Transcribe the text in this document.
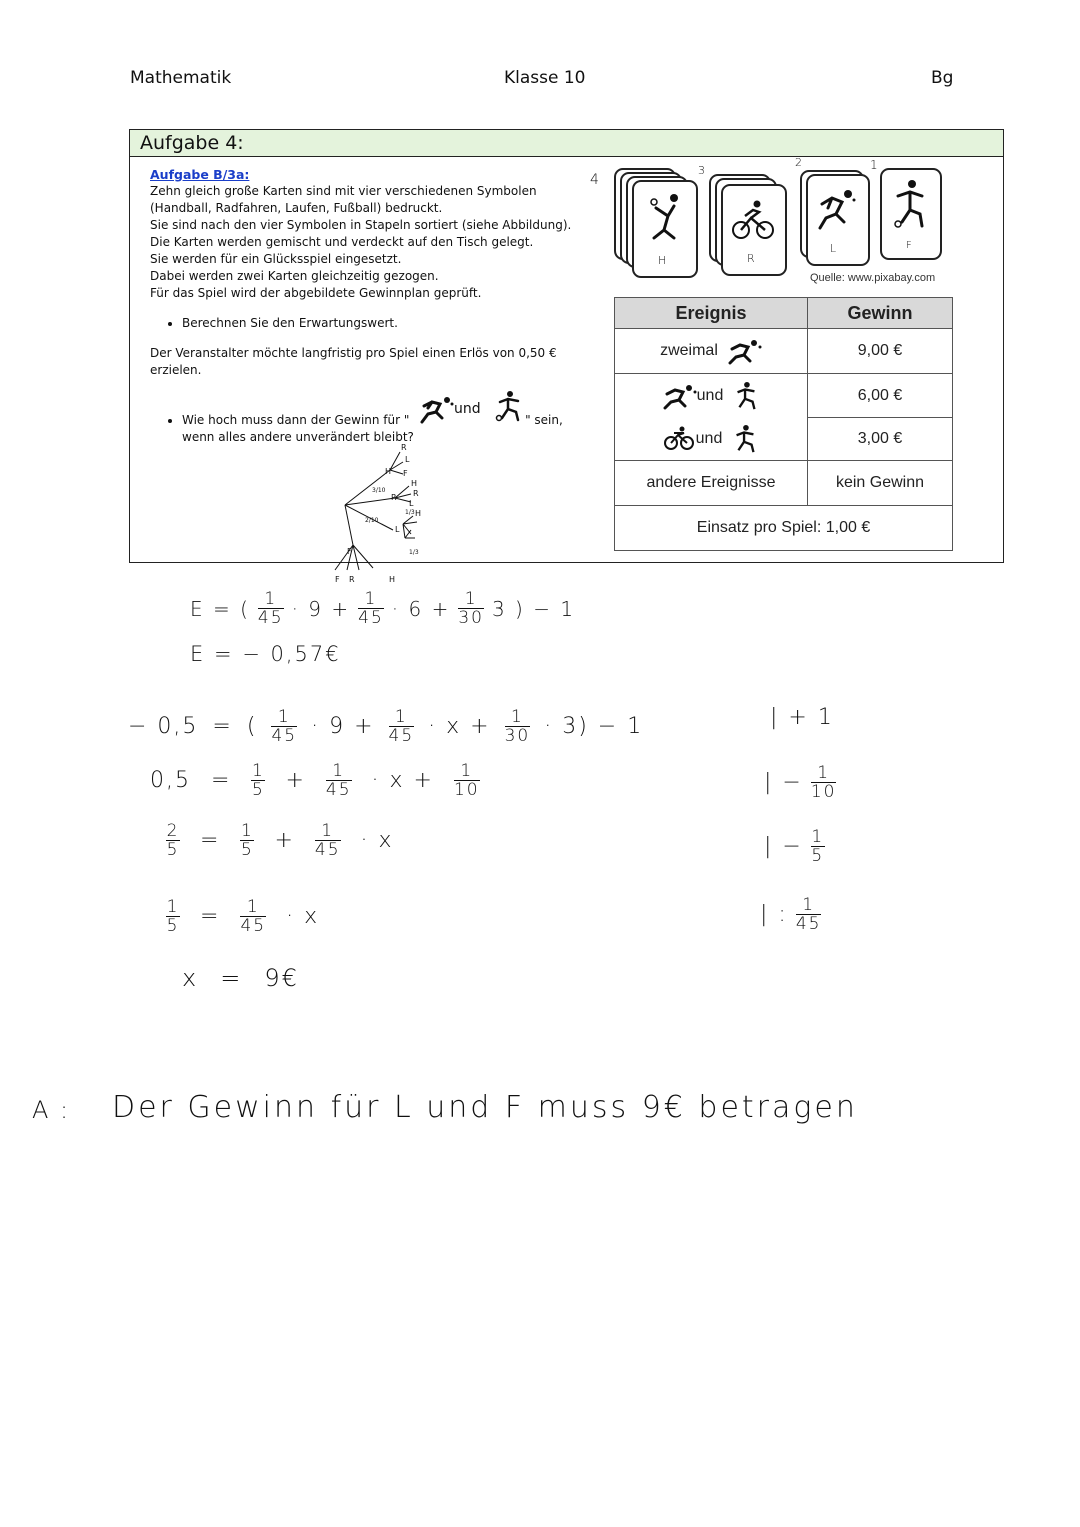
Mathematik	Klasse 10	Bg
Aufgabe 4:
Aufgabe B/3a:
Zehn gleich große Karten sind mit vier verschiedenen Symbolen
(Handball, Radfahren, Laufen, Fußball) bedruckt.
Sie sind nach den vier Symbolen in Stapeln sortiert (siehe Abbildung).
Die Karten werden gemischt und verdeckt auf den Tisch gelegt.
Sie werden für ein Glücksspiel eingesetzt.
Dabei werden zwei Karten gleichzeitig gezogen.
Für das Spiel wird der abgebildete Gewinnplan geprüft.
Berechnen Sie den Erwartungswert.
Der Veranstalter möchte langfristig pro Spiel einen Erlös von 0,50 €
erzielen.
Wie hoch muss dann der Gewinn für "	" sein,
wenn alles andere unverändert bleibt?
und
H
R
L
F
H
R
R
L
L
H
F
F R	H
3/10
2/10
1/3
1/3
4
3
2	1
H	R
L	F
Quelle: www.pixabay.com
Ereignis	Gewinn
zweimal	9,00 €
und	6,00 €
und	3,00 €
andere Ereignisse	kein Gewinn
Einsatz pro Spiel: 1,00 €
E = ( $\frac{1}{45} \cdot 9 + \frac{1}{45} \cdot 6 + \frac{1}{30} 3$ ) − 1
E = − 0,57€
− 0,5 = ( $\frac{1}{45} \cdot 9 + \frac{1}{45} \cdot x + \frac{1}{30} \cdot 3) - 1$	| + 1
$0,5 = \frac{1}{5} + \frac{1}{45} \cdot x + \frac{1}{10}$	| − $\frac{1}{10}$
$\frac{2}{5} = \frac{1}{5} + \frac{1}{45} \cdot x$	| − $\frac{1}{5}$
$\frac{1}{5} = \frac{1}{45} \cdot x$	| : $\frac{1}{45}$
x = 9€
A : Der Gewinn für L und F muss 9€ betragen
